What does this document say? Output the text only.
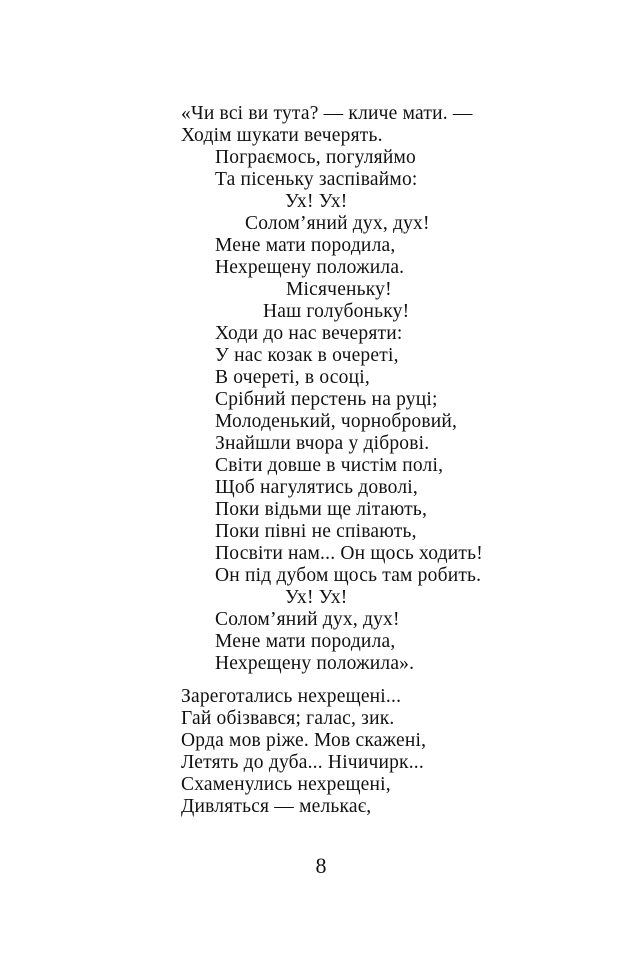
«Чи всі ви тута? — кличе мати. —
Ходім шукати вечерять.
Пограємось, погуляймо
Та пісеньку заспіваймо:
Ух! Ух!
Солом’яний дух, дух!
Мене мати породила,
Нехрещену положила.
Місяченьку!
Наш голубоньку!
Ходи до нас вечеряти:
У нас козак в очереті,
В очереті, в осоці,
Срібний перстень на руці;
Молоденький, чорнобровий,
Знайшли вчора у діброві.
Світи довше в чистім полі,
Щоб нагулятись доволі,
Поки відьми ще літають,
Поки півні не співають,
Посвіти нам... Он щось ходить!
Он під дубом щось там робить.
Ух! Ух!
Солом’яний дух, дух!
Мене мати породила,
Нехрещену положила».
Зареготались нехрещені...
Гай обізвався; галас, зик.
Орда мов ріже. Мов скажені,
Летять до дуба... Нічичирк...
Схаменулись нехрещені,
Дивляться — мелькає,
8
